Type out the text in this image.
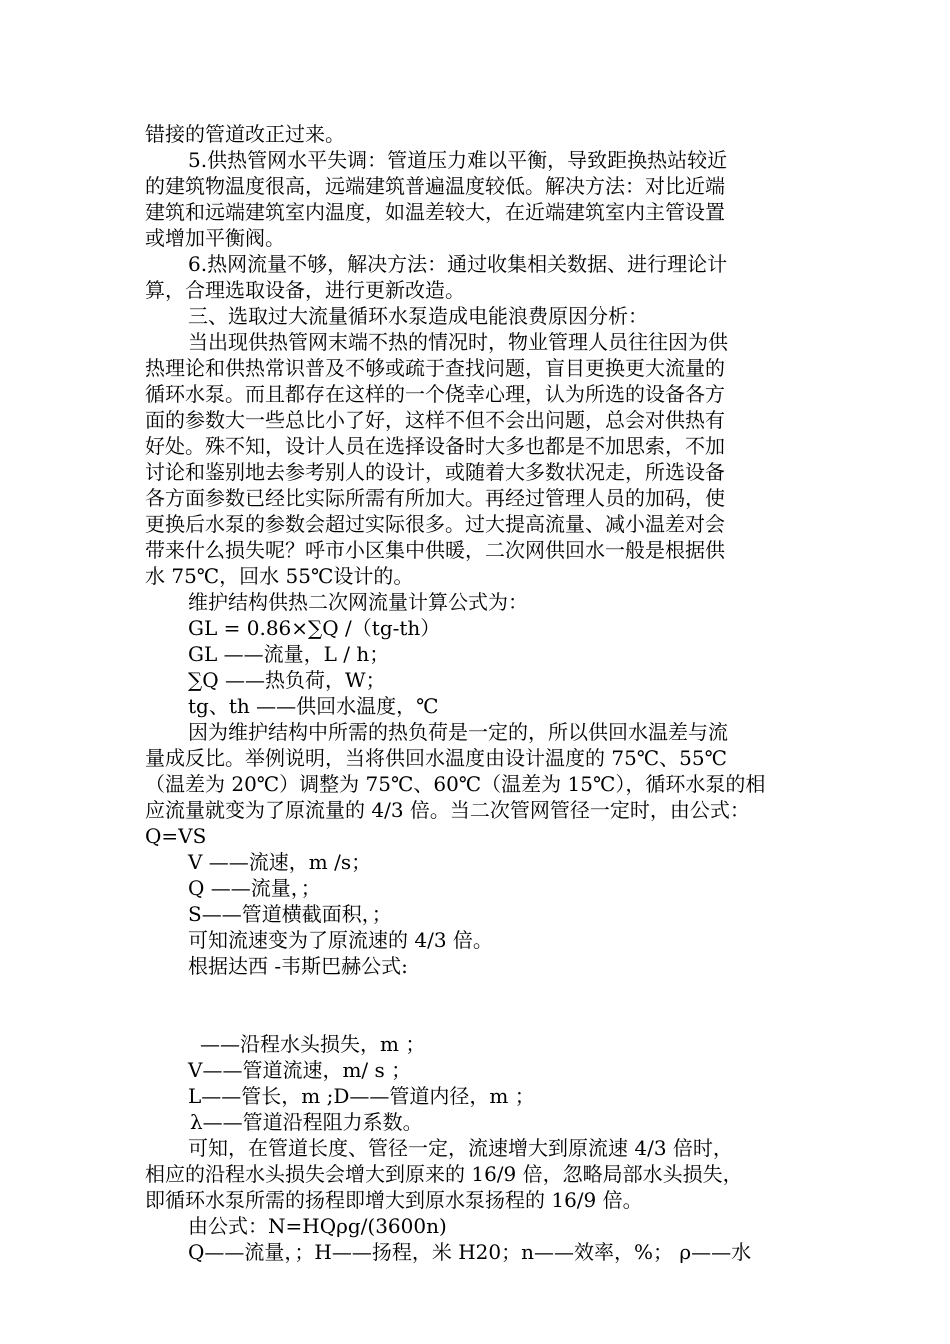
错接的管道改正过来。

5.供热管网水平失调：管道压力难以平衡，导致距换热站较近

的建筑物温度很高，远端建筑普遍温度较低。解决方法：对比近端

建筑和远端建筑室内温度，如温差较大，在近端建筑室内主管设置

或增加平衡阀。

6.热网流量不够，解决方法：通过收集相关数据、进行理论计

算，合理选取设备，进行更新改造。

三、选取过大流量循环水泵造成电能浪费原因分析：

当出现供热管网末端不热的情况时，物业管理人员往往因为供

热理论和供热常识普及不够或疏于查找问题，盲目更换更大流量的

循环水泵。而且都存在这样的一个侥幸心理，认为所选的设备各方

面的参数大一些总比小了好，这样不但不会出问题，总会对供热有

好处。殊不知，设计人员在选择设备时大多也都是不加思索，不加

讨论和鉴别地去参考别人的设计，或随着大多数状况走，所选设备

各方面参数已经比实际所需有所加大。再经过管理人员的加码，使

更换后水泵的参数会超过实际很多。过大提高流量、减小温差对会

带来什么损失呢？呼市小区集中供暖，二次网供回水一般是根据供

水 75℃，回水 55℃设计的。

维护结构供热二次网流量计算公式为：

GL = 0.86×∑Q /（tg-th）

GL ——流量，L / h；

∑Q ——热负荷，W；

tg、th ——供回水温度，℃

因为维护结构中所需的热负荷是一定的，所以供回水温差与流

量成反比。举例说明，当将供回水温度由设计温度的 75℃、55℃

（温差为 20℃）调整为 75℃、60℃（温差为 15℃），循环水泵的相

应流量就变为了原流量的 4/3 倍。当二次管网管径一定时，由公式：

Q=VS

V ——流速，m /s；

Q ——流量，；

S——管道横截面积，；

可知流速变为了原流速的 4/3 倍。

根据达西 -韦斯巴赫公式:

——沿程水头损失，m ；

V——管道流速，m/ s ；

L——管长，m ;D——管道内径，m ；

λ——管道沿程阻力系数。

可知，在管道长度、管径一定，流速增大到原流速 4/3 倍时，

相应的沿程水头损失会增大到原来的 16/9 倍，忽略局部水头损失，

即循环水泵所需的扬程即增大到原水泵扬程的 16/9 倍。

由公式：N=HQρg/(3600n)

Q——流量，；H——扬程，米 H20；n——效率，%； ρ——水
